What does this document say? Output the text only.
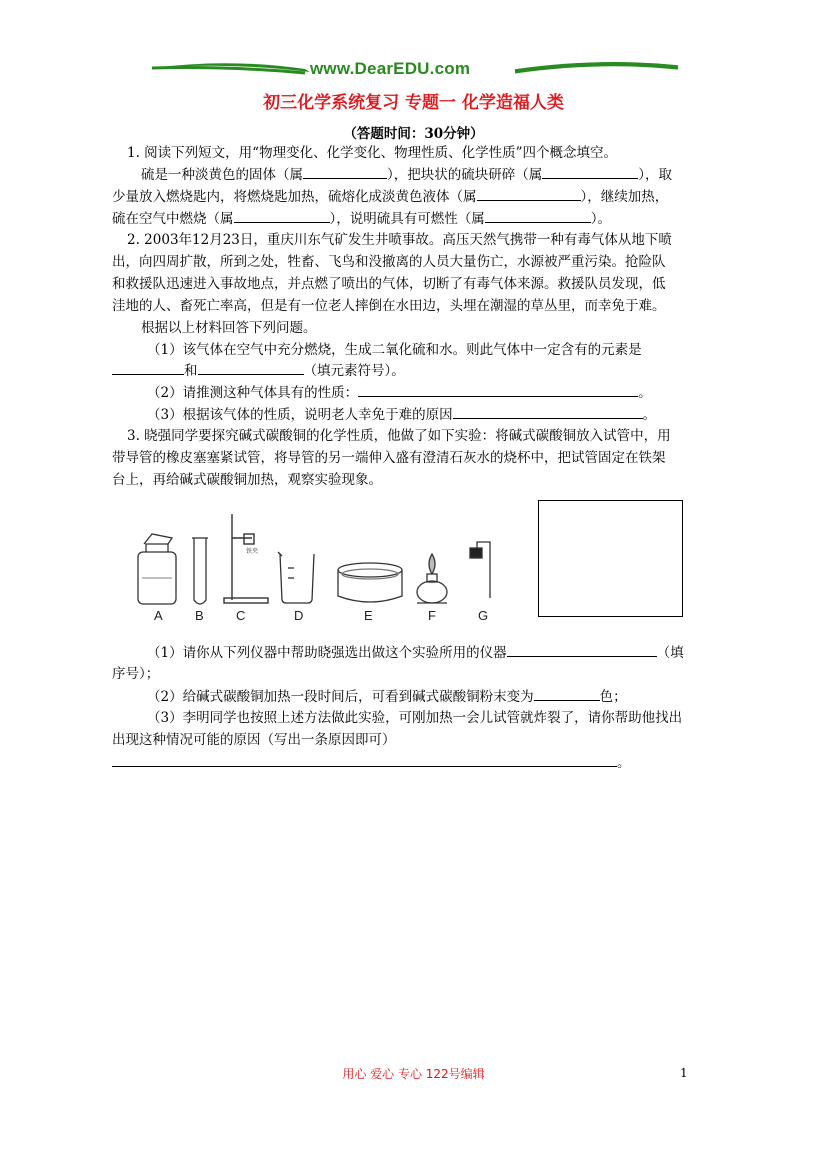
www.DearEDU.com
初三化学系统复习 专题一 化学造福人类
（答题时间：30分钟）
1. 阅读下列短文，用“物理变化、化学变化、物理性质、化学性质”四个概念填空。
硫是一种淡黄色的固体（属	），把块状的硫块研碎（属	），取
少量放入燃烧匙内，将燃烧匙加热，硫熔化成淡黄色液体（属	），继续加热，
硫在空气中燃烧（属	），说明硫具有可燃性（属	）。
2. 2003年12月23日，重庆川东气矿发生井喷事故。高压天然气携带一种有毒气体从地下喷
出，向四周扩散，所到之处，牲畜、飞鸟和没撤离的人员大量伤亡，水源被严重污染。抢险队
和救援队迅速进入事故地点，并点燃了喷出的气体，切断了有毒气体来源。救援队员发现，低
洼地的人、畜死亡率高，但是有一位老人摔倒在水田边，头埋在潮湿的草丛里，而幸免于难。
根据以上材料回答下列问题。
（1）该气体在空气中充分燃烧，生成二氧化硫和水。则此气体中一定含有的元素是
和	（填元素符号）。
（2）请推测这种气体具有的性质：	。
（3）根据该气体的性质，说明老人幸免于难的原因	。
3. 晓强同学要探究碱式碳酸铜的化学性质，他做了如下实验：将碱式碳酸铜放入试管中，用
带导管的橡皮塞塞紧试管，将导管的另一端伸入盛有澄清石灰水的烧杯中，把试管固定在铁架
台上，再给碱式碳酸铜加热，观察实验现象。
铁夹
A B C	D	E	F	G
（1）请你从下列仪器中帮助晓强选出做这个实验所用的仪器	（填
序号）；
（2）给碱式碳酸铜加热一段时间后，可看到碱式碳酸铜粉末变为	色；
（3）李明同学也按照上述方法做此实验，可刚加热一会儿试管就炸裂了，请你帮助他找出
出现这种情况可能的原因（写出一条原因即可）
。
用心 爱心 专心 122号编辑	1
